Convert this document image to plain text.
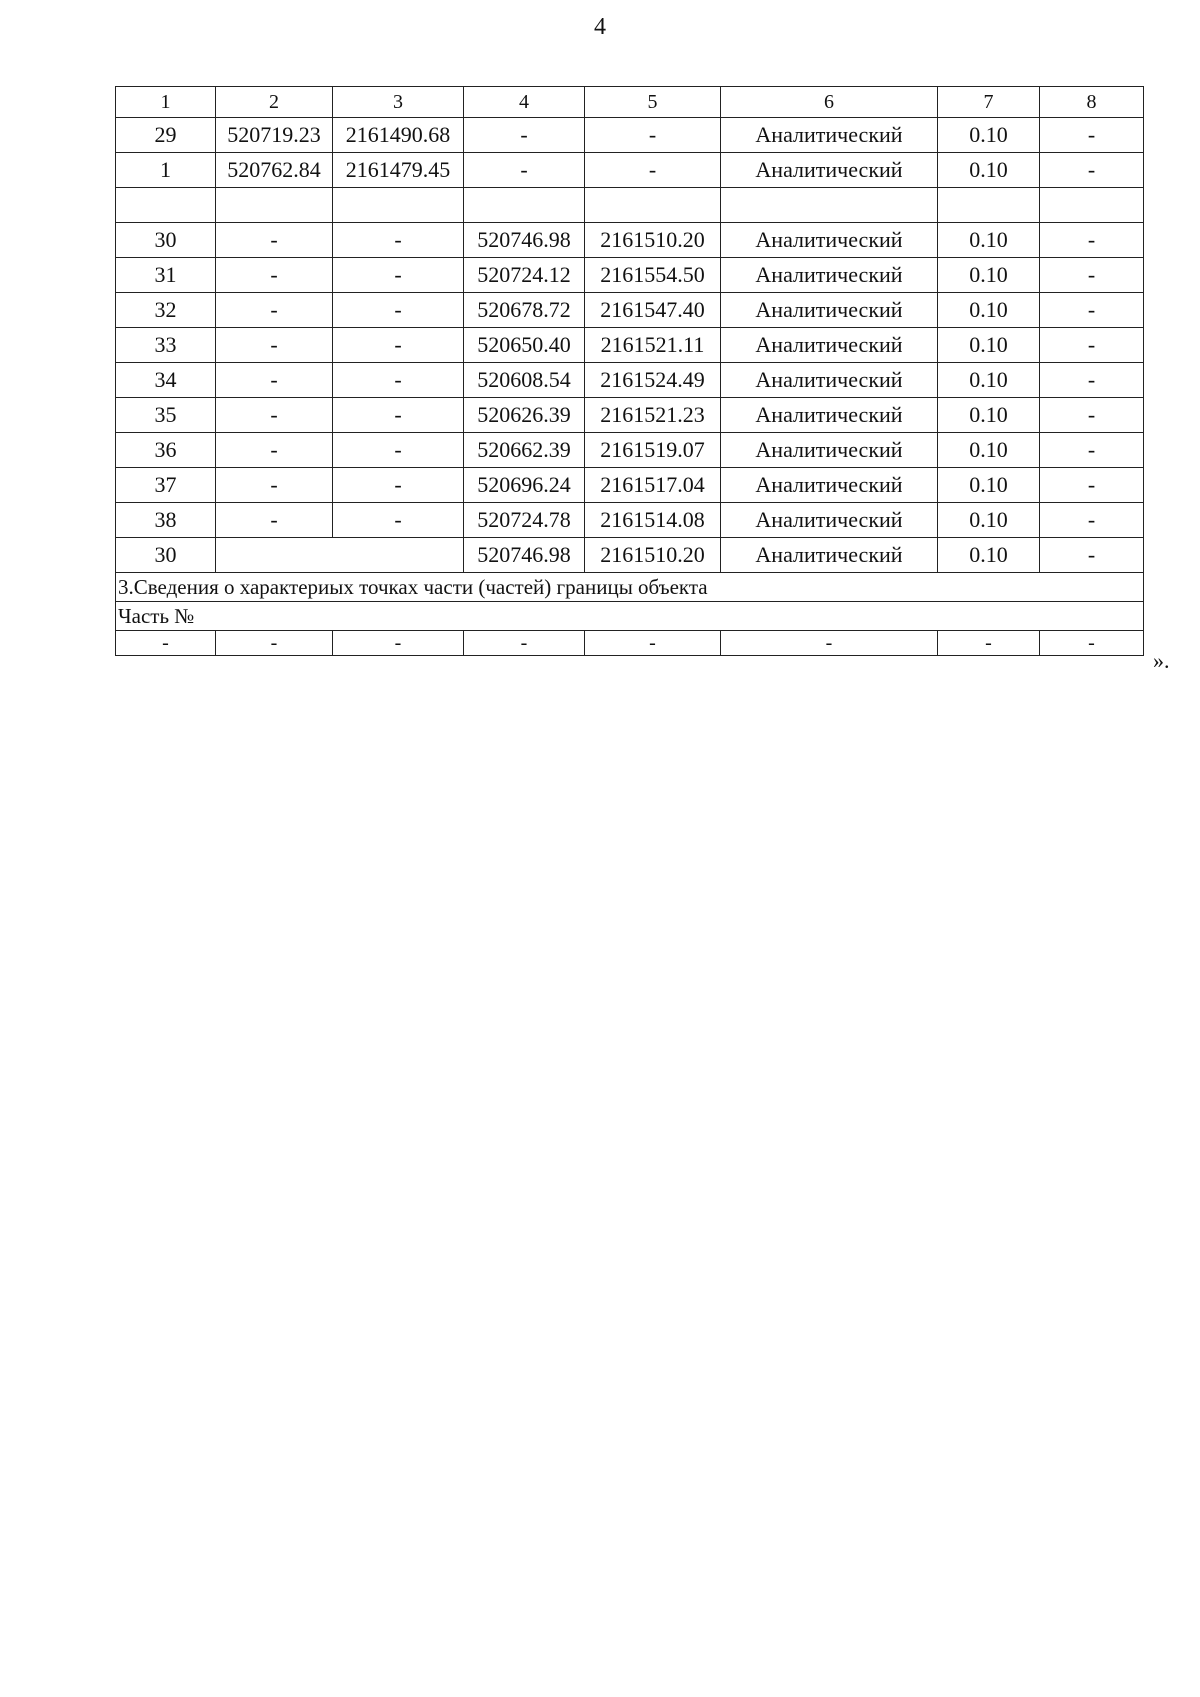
4
1	2	3	4	5	6	7	8
29	520719.23	2161490.68	-	-	Аналитический	0.10	-
1	520762.84	2161479.45	-	-	Аналитический	0.10	-

30	-	-	520746.98	2161510.20	Аналитический	0.10	-
31	-	-	520724.12	2161554.50	Аналитический	0.10	-
32	-	-	520678.72	2161547.40	Аналитический	0.10	-
33	-	-	520650.40	2161521.11	Аналитический	0.10	-
34	-	-	520608.54	2161524.49	Аналитический	0.10	-
35	-	-	520626.39	2161521.23	Аналитический	0.10	-
36	-	-	520662.39	2161519.07	Аналитический	0.10	-
37	-	-	520696.24	2161517.04	Аналитический	0.10	-
38	-	-	520724.78	2161514.08	Аналитический	0.10	-
30			520746.98	2161510.20	Аналитический	0.10	-
3.Сведения о характериых точках части (частей) границы объекта							
Часть №							
-	-	-	-	-	-	-	-
».
